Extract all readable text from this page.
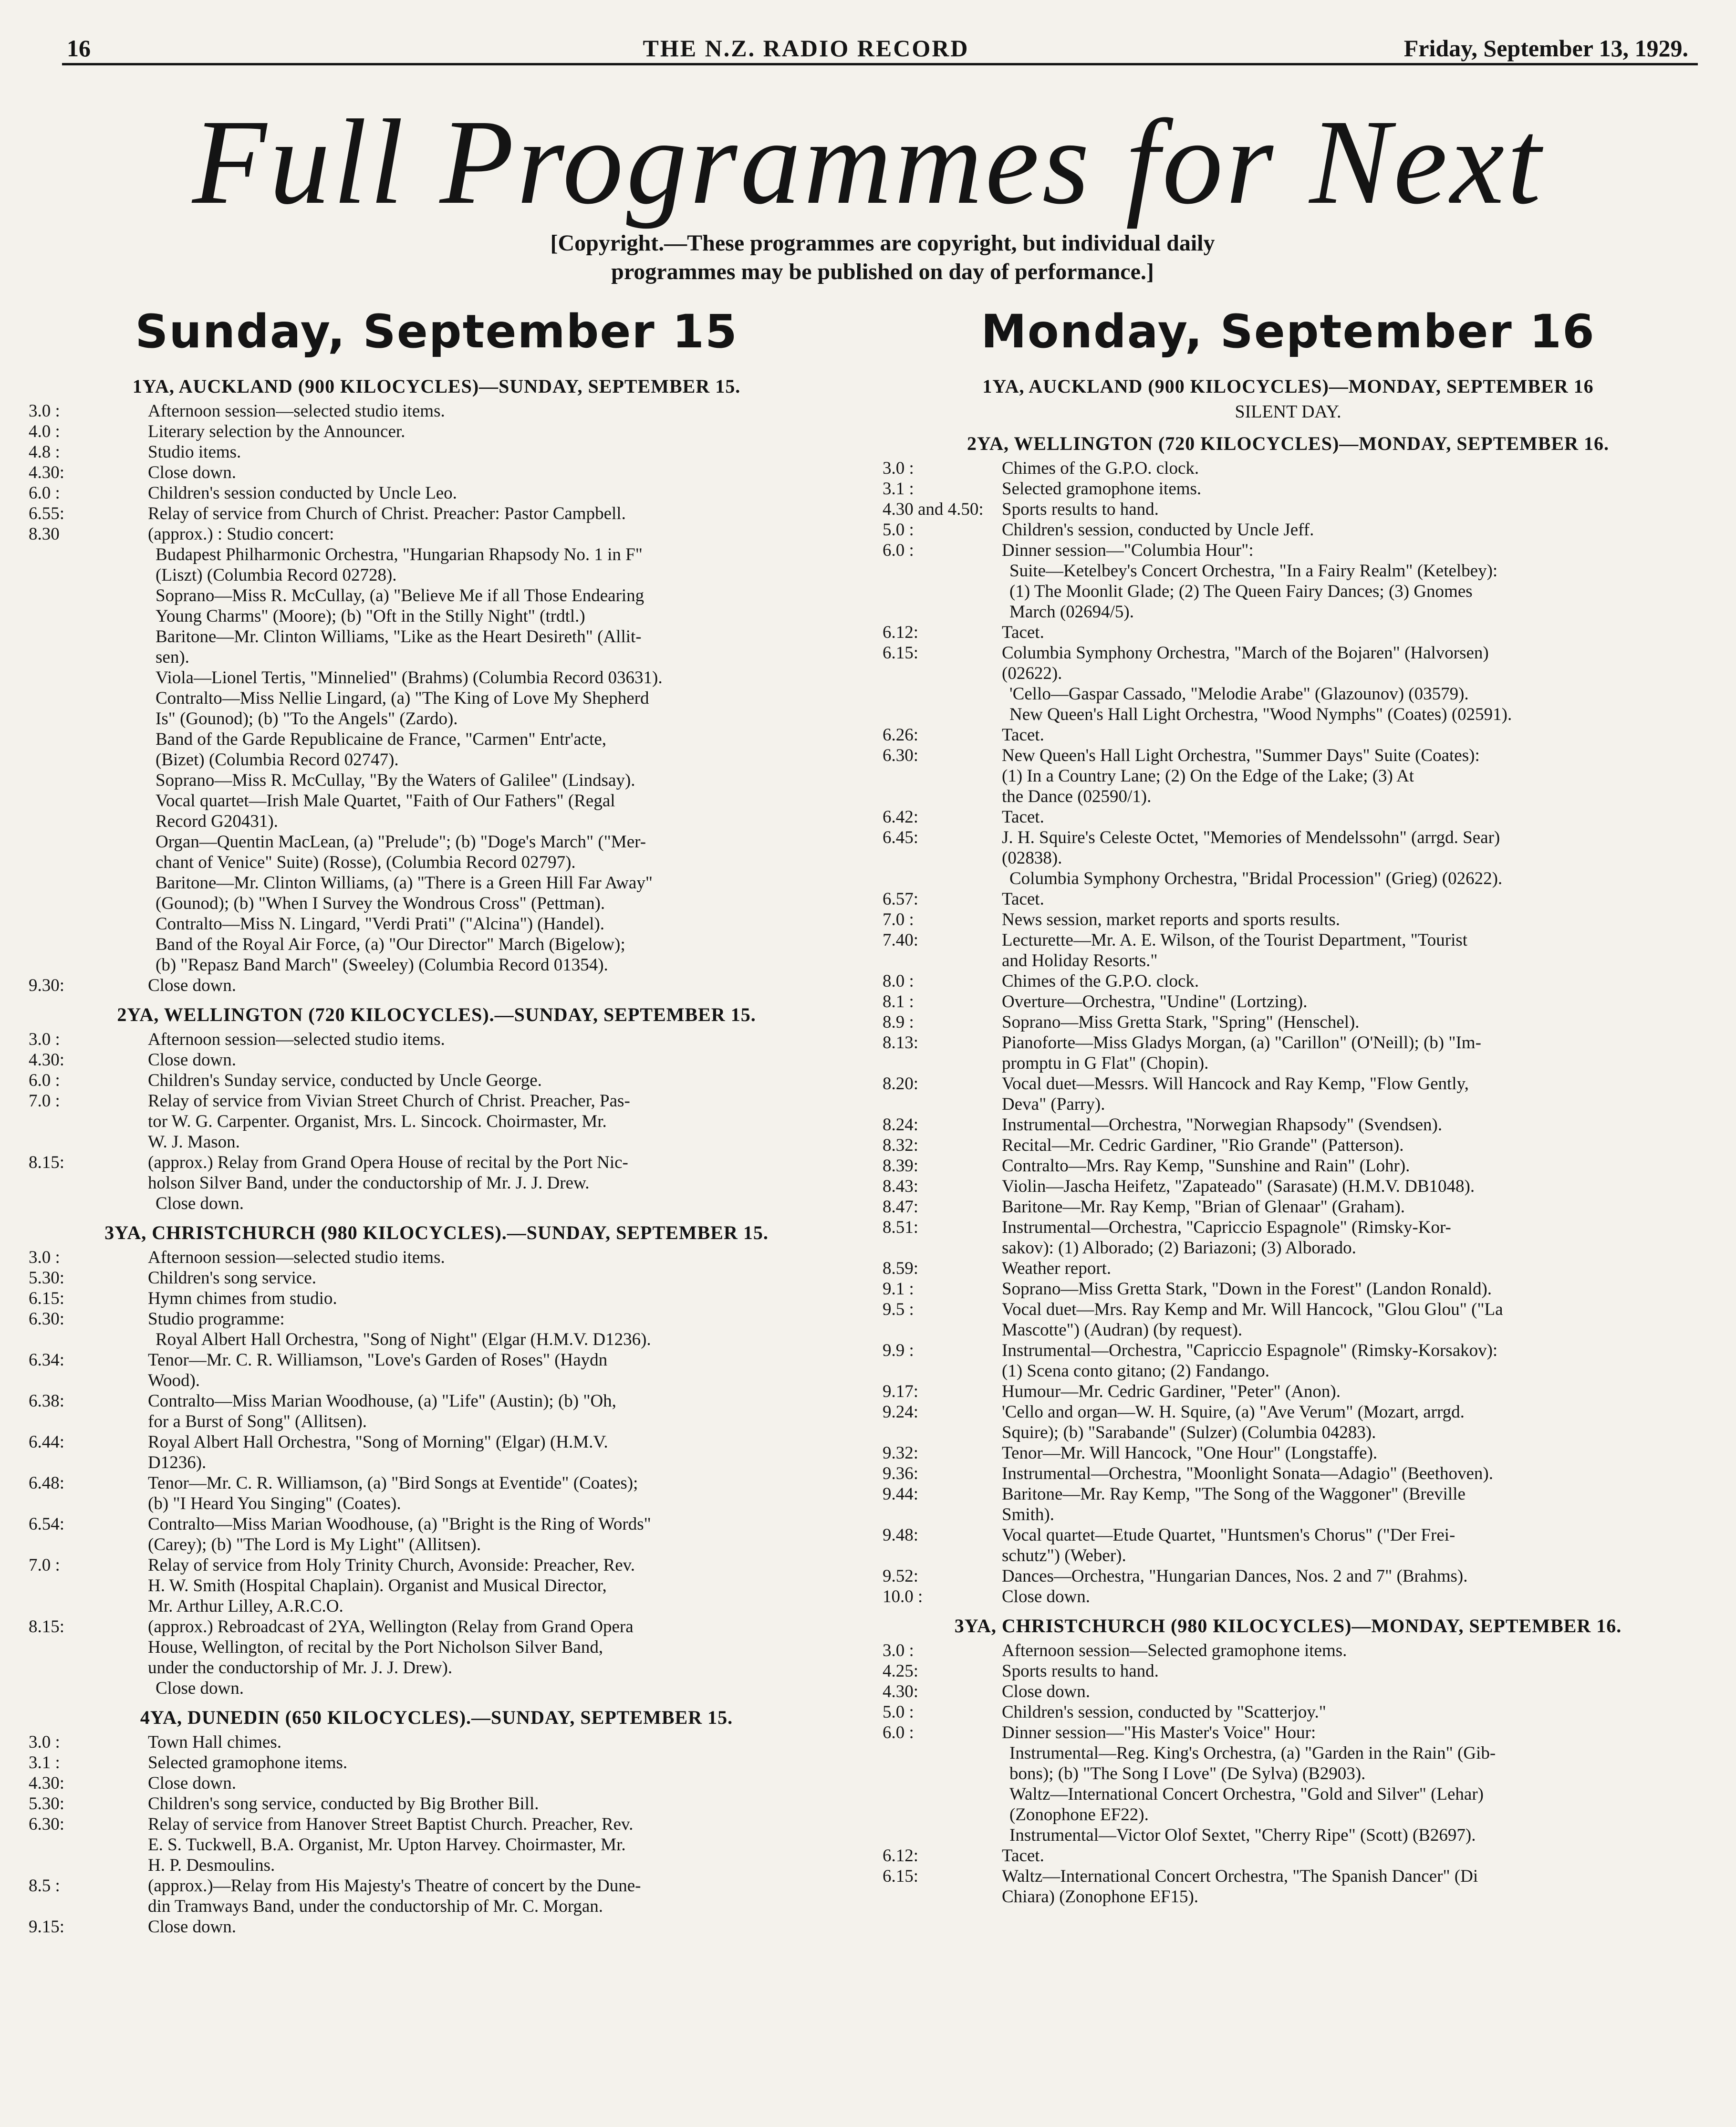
16	THE N.Z. RADIO RECORD	Friday, September 13, 1929.
Full Programmes for Next
[Copyright.—These programmes are copyright, but individual daily programmes may be published on day of performance.]
Sunday, September 15
1YA, AUCKLAND (900 KILOCYCLES)—SUNDAY, SEPTEMBER 15.
3.0 :	Afternoon session—selected studio items.
4.0 :	Literary selection by the Announcer.
4.8 :	Studio items.
4.30:	Close down.
6.0 :	Children's session conducted by Uncle Leo.
6.55:	Relay of service from Church of Christ. Preacher: Pastor Campbell.
8.30	(approx.) : Studio concert:
Budapest Philharmonic Orchestra, "Hungarian Rhapsody No. 1 in F"
(Liszt) (Columbia Record 02728).
Soprano—Miss R. McCullay, (a) "Believe Me if all Those Endearing
Young Charms" (Moore); (b) "Oft in the Stilly Night" (trdtl.)
Baritone—Mr. Clinton Williams, "Like as the Heart Desireth" (Allit-
sen).
Viola—Lionel Tertis, "Minnelied" (Brahms) (Columbia Record 03631).
Contralto—Miss Nellie Lingard, (a) "The King of Love My Shepherd
Is" (Gounod); (b) "To the Angels" (Zardo).
Band of the Garde Republicaine de France, "Carmen" Entr'acte,
(Bizet) (Columbia Record 02747).
Soprano—Miss R. McCullay, "By the Waters of Galilee" (Lindsay).
Vocal quartet—Irish Male Quartet, "Faith of Our Fathers" (Regal
Record G20431).
Organ—Quentin MacLean, (a) "Prelude"; (b) "Doge's March" ("Mer-
chant of Venice" Suite) (Rosse), (Columbia Record 02797).
Baritone—Mr. Clinton Williams, (a) "There is a Green Hill Far Away"
(Gounod); (b) "When I Survey the Wondrous Cross" (Pettman).
Contralto—Miss N. Lingard, "Verdi Prati" ("Alcina") (Handel).
Band of the Royal Air Force, (a) "Our Director" March (Bigelow);
(b) "Repasz Band March" (Sweeley) (Columbia Record 01354).
9.30:	Close down.
2YA, WELLINGTON (720 KILOCYCLES).—SUNDAY, SEPTEMBER 15.
3.0 :	Afternoon session—selected studio items.
4.30:	Close down.
6.0 :	Children's Sunday service, conducted by Uncle George.
7.0 :	Relay of service from Vivian Street Church of Christ. Preacher, Pas-
tor W. G. Carpenter. Organist, Mrs. L. Sincock. Choirmaster, Mr.
W. J. Mason.
8.15:	(approx.) Relay from Grand Opera House of recital by the Port Nic-
holson Silver Band, under the conductorship of Mr. J. J. Drew.
Close down.
3YA, CHRISTCHURCH (980 KILOCYCLES).—SUNDAY, SEPTEMBER 15.
3.0 :	Afternoon session—selected studio items.
5.30:	Children's song service.
6.15:	Hymn chimes from studio.
6.30:	Studio programme:
Royal Albert Hall Orchestra, "Song of Night" (Elgar (H.M.V. D1236).
6.34:	Tenor—Mr. C. R. Williamson, "Love's Garden of Roses" (Haydn
Wood).
6.38:	Contralto—Miss Marian Woodhouse, (a) "Life" (Austin); (b) "Oh,
for a Burst of Song" (Allitsen).
6.44:	Royal Albert Hall Orchestra, "Song of Morning" (Elgar) (H.M.V.
D1236).
6.48:	Tenor—Mr. C. R. Williamson, (a) "Bird Songs at Eventide" (Coates);
(b) "I Heard You Singing" (Coates).
6.54:	Contralto—Miss Marian Woodhouse, (a) "Bright is the Ring of Words"
(Carey); (b) "The Lord is My Light" (Allitsen).
7.0 :	Relay of service from Holy Trinity Church, Avonside: Preacher, Rev.
H. W. Smith (Hospital Chaplain). Organist and Musical Director,
Mr. Arthur Lilley, A.R.C.O.
8.15:	(approx.) Rebroadcast of 2YA, Wellington (Relay from Grand Opera
House, Wellington, of recital by the Port Nicholson Silver Band,
under the conductorship of Mr. J. J. Drew).
Close down.
4YA, DUNEDIN (650 KILOCYCLES).—SUNDAY, SEPTEMBER 15.
3.0 :	Town Hall chimes.
3.1 :	Selected gramophone items.
4.30:	Close down.
5.30:	Children's song service, conducted by Big Brother Bill.
6.30:	Relay of service from Hanover Street Baptist Church. Preacher, Rev.
E. S. Tuckwell, B.A. Organist, Mr. Upton Harvey. Choirmaster, Mr.
H. P. Desmoulins.
8.5 :	(approx.)—Relay from His Majesty's Theatre of concert by the Dune-
din Tramways Band, under the conductorship of Mr. C. Morgan.
9.15:	Close down.
Monday, September 16
1YA, AUCKLAND (900 KILOCYCLES)—MONDAY, SEPTEMBER 16
SILENT DAY.
2YA, WELLINGTON (720 KILOCYCLES)—MONDAY, SEPTEMBER 16.
3.0 :	Chimes of the G.P.O. clock.
3.1 :	Selected gramophone items.
4.30 and 4.50:	Sports results to hand.
5.0 :	Children's session, conducted by Uncle Jeff.
6.0 :	Dinner session—"Columbia Hour":
Suite—Ketelbey's Concert Orchestra, "In a Fairy Realm" (Ketelbey):
(1) The Moonlit Glade; (2) The Queen Fairy Dances; (3) Gnomes
March (02694/5).
6.12:	Tacet.
6.15:	Columbia Symphony Orchestra, "March of the Bojaren" (Halvorsen)
(02622).
'Cello—Gaspar Cassado, "Melodie Arabe" (Glazounov) (03579).
New Queen's Hall Light Orchestra, "Wood Nymphs" (Coates) (02591).
6.26:	Tacet.
6.30:	New Queen's Hall Light Orchestra, "Summer Days" Suite (Coates):
(1) In a Country Lane; (2) On the Edge of the Lake; (3) At
the Dance (02590/1).
6.42:	Tacet.
6.45:	J. H. Squire's Celeste Octet, "Memories of Mendelssohn" (arrgd. Sear)
(02838).
Columbia Symphony Orchestra, "Bridal Procession" (Grieg) (02622).
6.57:	Tacet.
7.0 :	News session, market reports and sports results.
7.40:	Lecturette—Mr. A. E. Wilson, of the Tourist Department, "Tourist
and Holiday Resorts."
8.0 :	Chimes of the G.P.O. clock.
8.1 :	Overture—Orchestra, "Undine" (Lortzing).
8.9 :	Soprano—Miss Gretta Stark, "Spring" (Henschel).
8.13:	Pianoforte—Miss Gladys Morgan, (a) "Carillon" (O'Neill); (b) "Im-
promptu in G Flat" (Chopin).
8.20:	Vocal duet—Messrs. Will Hancock and Ray Kemp, "Flow Gently,
Deva" (Parry).
8.24:	Instrumental—Orchestra, "Norwegian Rhapsody" (Svendsen).
8.32:	Recital—Mr. Cedric Gardiner, "Rio Grande" (Patterson).
8.39:	Contralto—Mrs. Ray Kemp, "Sunshine and Rain" (Lohr).
8.43:	Violin—Jascha Heifetz, "Zapateado" (Sarasate) (H.M.V. DB1048).
8.47:	Baritone—Mr. Ray Kemp, "Brian of Glenaar" (Graham).
8.51:	Instrumental—Orchestra, "Capriccio Espagnole" (Rimsky-Kor-
sakov): (1) Alborado; (2) Bariazoni; (3) Alborado.
8.59:	Weather report.
9.1 :	Soprano—Miss Gretta Stark, "Down in the Forest" (Landon Ronald).
9.5 :	Vocal duet—Mrs. Ray Kemp and Mr. Will Hancock, "Glou Glou" ("La
Mascotte") (Audran) (by request).
9.9 :	Instrumental—Orchestra, "Capriccio Espagnole" (Rimsky-Korsakov):
(1) Scena conto gitano; (2) Fandango.
9.17:	Humour—Mr. Cedric Gardiner, "Peter" (Anon).
9.24:	'Cello and organ—W. H. Squire, (a) "Ave Verum" (Mozart, arrgd.
Squire); (b) "Sarabande" (Sulzer) (Columbia 04283).
9.32:	Tenor—Mr. Will Hancock, "One Hour" (Longstaffe).
9.36:	Instrumental—Orchestra, "Moonlight Sonata—Adagio" (Beethoven).
9.44:	Baritone—Mr. Ray Kemp, "The Song of the Waggoner" (Breville
Smith).
9.48:	Vocal quartet—Etude Quartet, "Huntsmen's Chorus" ("Der Frei-
schutz") (Weber).
9.52:	Dances—Orchestra, "Hungarian Dances, Nos. 2 and 7" (Brahms).
10.0 :	Close down.
3YA, CHRISTCHURCH (980 KILOCYCLES)—MONDAY, SEPTEMBER 16.
3.0 :	Afternoon session—Selected gramophone items.
4.25:	Sports results to hand.
4.30:	Close down.
5.0 :	Children's session, conducted by "Scatterjoy."
6.0 :	Dinner session—"His Master's Voice" Hour:
Instrumental—Reg. King's Orchestra, (a) "Garden in the Rain" (Gib-
bons); (b) "The Song I Love" (De Sylva) (B2903).
Waltz—International Concert Orchestra, "Gold and Silver" (Lehar)
(Zonophone EF22).
Instrumental—Victor Olof Sextet, "Cherry Ripe" (Scott) (B2697).
6.12:	Tacet.
6.15:	Waltz—International Concert Orchestra, "The Spanish Dancer" (Di
Chiara) (Zonophone EF15).
